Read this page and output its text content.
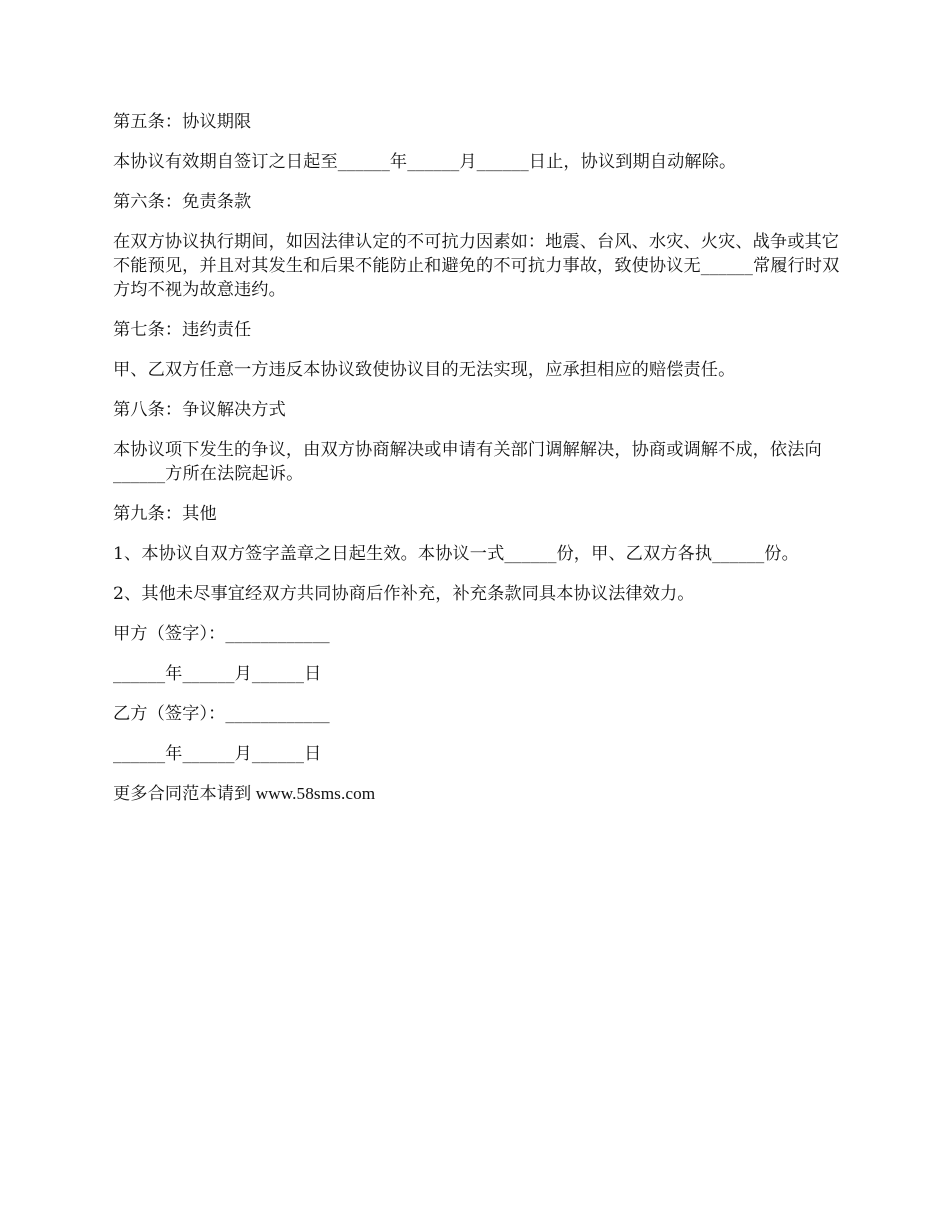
第五条：协议期限

本协议有效期自签订之日起至______年______月______日止，协议到期自动解除。

第六条：免责条款

在双方协议执行期间，如因法律认定的不可抗力因素如：地震、台风、水灾、火灾、战争或其它不能预见，并且对其发生和后果不能防止和避免的不可抗力事故，致使协议无______常履行时双方均不视为故意违约。

第七条：违约责任

甲、乙双方任意一方违反本协议致使协议目的无法实现，应承担相应的赔偿责任。

第八条：争议解决方式

本协议项下发生的争议，由双方协商解决或申请有关部门调解解决，协商或调解不成，依法向______方所在法院起诉。

第九条：其他

1、本协议自双方签字盖章之日起生效。本协议一式______份，甲、乙双方各执______份。

2、其他未尽事宜经双方共同协商后作补充，补充条款同具本协议法律效力。

甲方（签字）：____________

______年______月______日

乙方（签字）：____________

______年______月______日

更多合同范本请到 www.58sms.com
